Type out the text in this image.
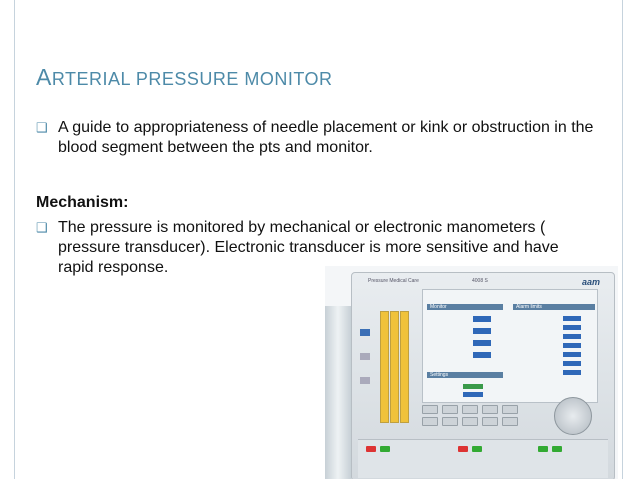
ARTERIAL PRESSURE MONITOR
❑ A guide to appropriateness of needle placement or kink or obstruction in the blood segment between the pts and monitor.

Mechanism:

❑ The pressure is monitored by mechanical or electronic manometers ( pressure transducer). Electronic transducer is more sensitive and have rapid response.
Pressure Medical Care	4008 S	aam
Monitor	Alarm limits
Settings
